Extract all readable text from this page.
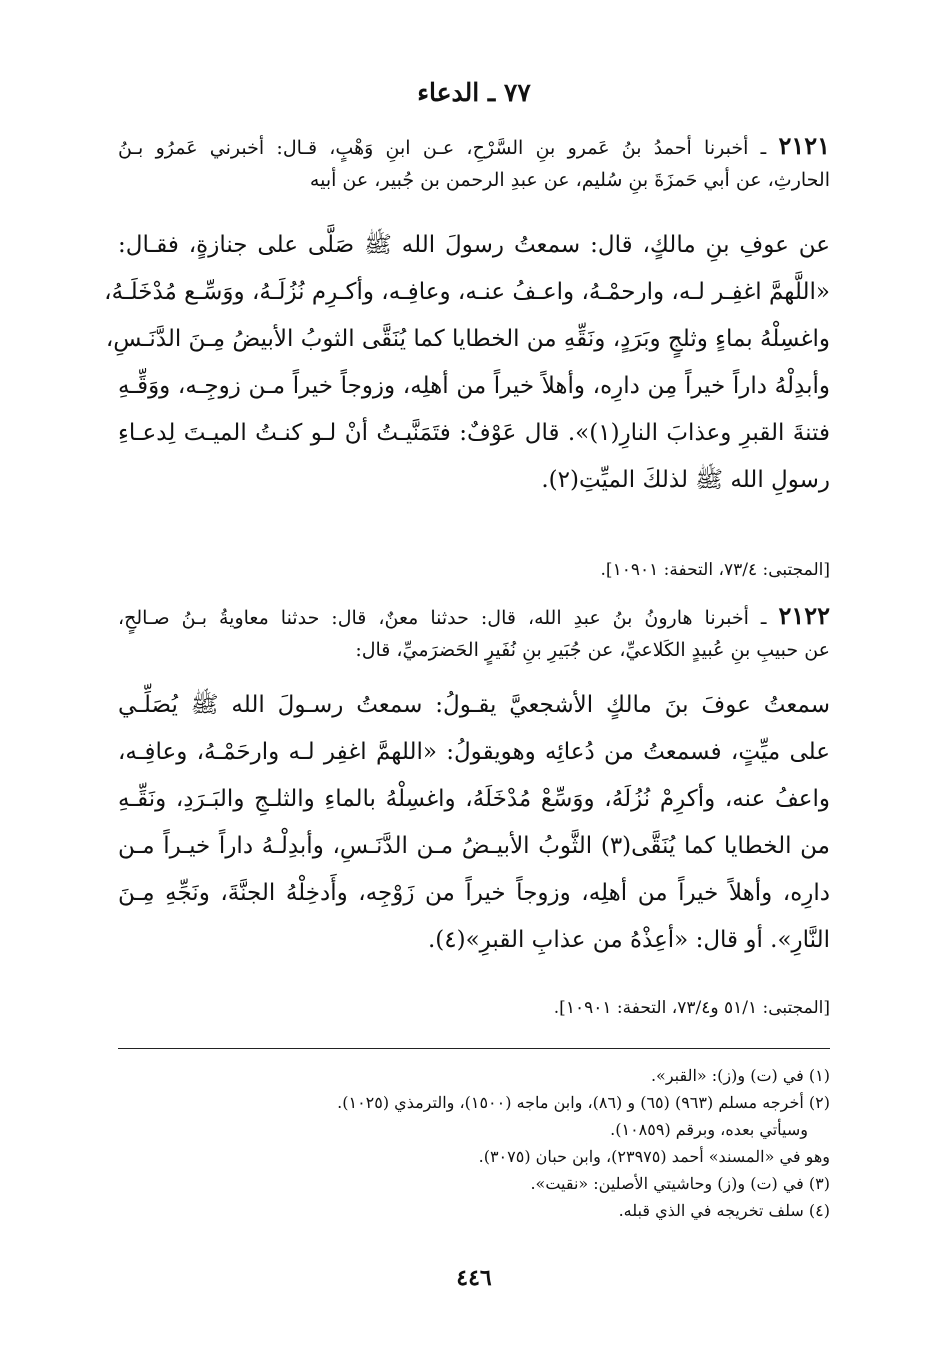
٧٧ ـ الدعاء
٢١٢١ ـ أخبرنا أحمدُ بنُ عَمرو بنِ السَّرْحِ، عـن ابنِ وَهْبٍ، قـال: أخبرني عَمرُو بـنُ
الحارثِ، عن أبي حَمزَةَ بنِ سُليم، عن عبدِ الرحمن بن جُبير، عن أبيه
عن عوفِ بنِ مالكٍ، قال: سمعتُ رسولَ الله ﷺ صَلَّى على جنازةٍ، فقـال:
«اللَّهمَّ اغفِـر لـه، وارحمْـهُ، واعـفُ عنـه، وعافِـه، وأكـرِم نُزُلَـهُ، ووَسِّـع مُدْخَلَـهُ،
واغسِلْهُ بماءٍ وثلجٍ وبَرَدٍ، ونَقِّهِ من الخطايا كما يُنَقَّى الثوبُ الأبيضُ مِـنَ الدَّنَـسِ،
وأبدِلْهُ داراً خيراً مِن دارِه، وأهلاً خيراً من أهلِه، وزوجاً خيراً مـن زوجِـه، ووَقِّـهِ
فتنةَ القبرِ وعذابَ النارِ(١)». قال عَوْفٌ: فتَمَنَّيـتُ أنْ لـو كنـتُ الميـتَ لِدعـاءِ
رسولِ الله ﷺ لذلكَ الميِّتِ(٢).
[المجتبى: ٧٣/٤، التحفة: ١٠٩٠١].
٢١٢٢ ـ أخبرنا هارونُ بنُ عبدِ الله، قال: حدثنا معنٌ، قال: حدثنا معاويةُ بـنُ صـالحٍ،
عن حبيبِ بنِ عُبيدٍ الكَلاعيِّ، عن جُبَيرِ بنِ نُفَيرٍ الحَضرَميِّ، قال:
سمعتُ عوفَ بنَ مالكٍ الأشجعيَّ يقـولُ: سمعتُ رسـولَ الله ﷺ يُصَلِّـي
على ميِّتٍ، فسمعتُ من دُعائِه وهويقولُ: «اللهمَّ اغفِر لـه وارحَمْـهُ، وعافِـه،
واعفُ عنه، وأكرِمْ نُزُلَهُ، ووَسِّعْ مُدْخَلَهُ، واغسِلْهُ بالماءِ والثلـجِ والبَـرَدِ، ونَقِّـهِ
من الخطايا كما يُنَقَّى(٣) الثَّوبُ الأبيـضُ مـن الدَّنَـسِ، وأبدِلْـهُ داراً خيـراً مـن
دارِه، وأهلاً خيراً من أهلِه، وزوجاً خيراً من زَوْجِه، وأَدخِلْهُ الجنَّةَ، ونَجِّهِ مِـنَ
النَّارِ». أو قال: «أعِذْهُ من عذابِ القبرِ»(٤).
[المجتبى: ٥١/١ و٧٣/٤، التحفة: ١٠٩٠١].
(١) في (ت) و(ز): «القبر».
(٢) أخرجه مسلم (٩٦٣) (٦٥) و (٨٦)، وابن ماجه (١٥٠٠)، والترمذي (١٠٢٥).
وسيأتي بعده، وبرقم (١٠٨٥٩).
وهو في «المسند» أحمد (٢٣٩٧٥)، وابن حبان (٣٠٧٥).
(٣) في (ت) و(ز) وحاشيتي الأصلين: «نقيت».
(٤) سلف تخريجه في الذي قبله.
٤٤٦
